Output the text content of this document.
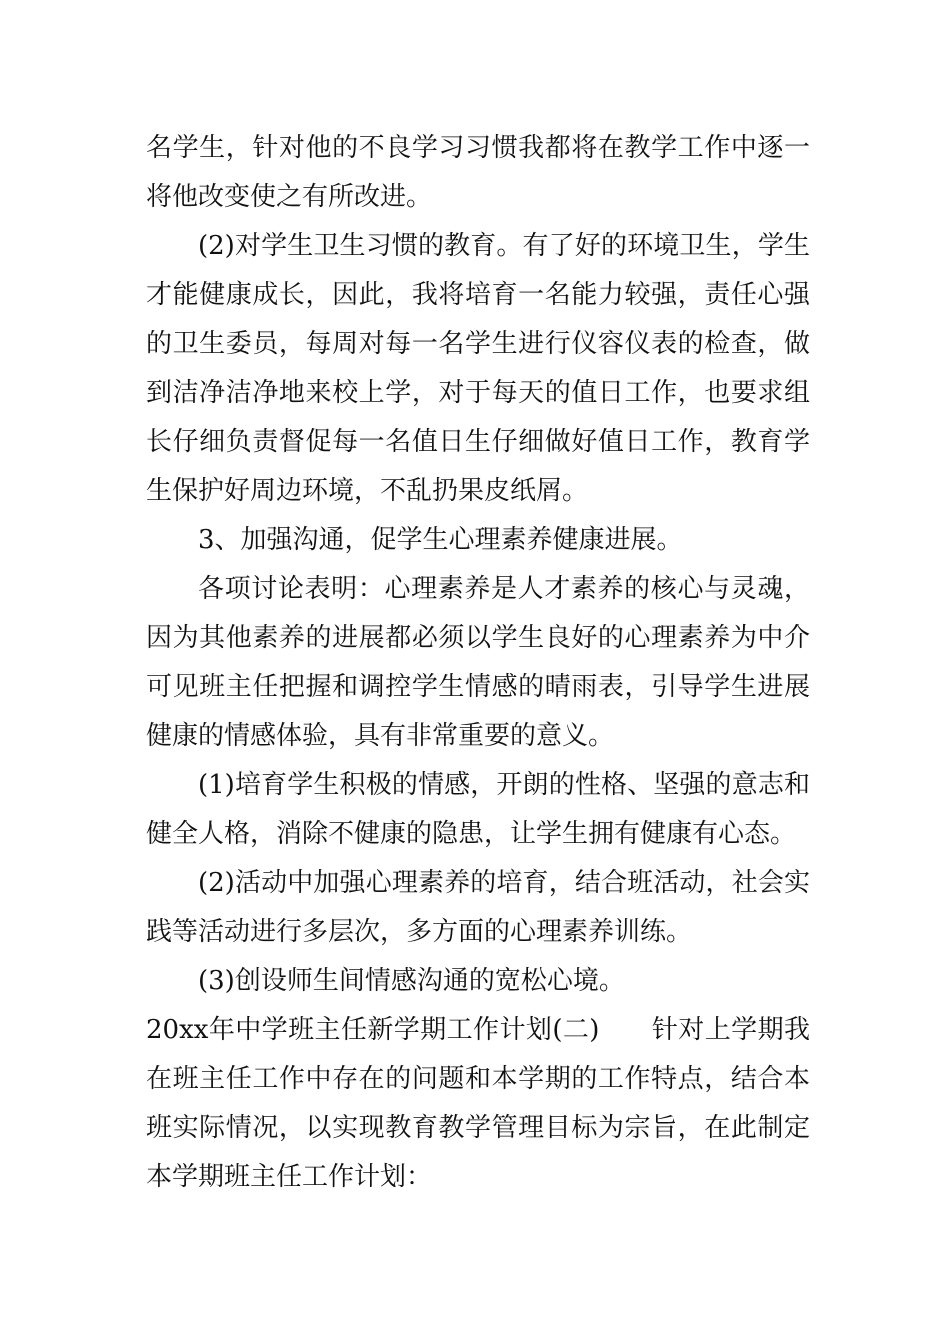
名学生，针对他的不良学习习惯我都将在教学工作中逐一将他改变使之有所改进。

(2)对学生卫生习惯的教育。有了好的环境卫生，学生才能健康成长，因此，我将培育一名能力较强，责任心强的卫生委员，每周对每一名学生进行仪容仪表的检查，做到洁净洁净地来校上学，对于每天的值日工作，也要求组长仔细负责督促每一名值日生仔细做好值日工作，教育学生保护好周边环境，不乱扔果皮纸屑。

3、加强沟通，促学生心理素养健康进展。

各项讨论表明：心理素养是人才素养的核心与灵魂，因为其他素养的进展都必须以学生良好的心理素养为中介可见班主任把握和调控学生情感的晴雨表，引导学生进展健康的情感体验，具有非常重要的意义。

(1)培育学生积极的情感，开朗的性格、坚强的意志和健全人格，消除不健康的隐患，让学生拥有健康有心态。

(2)活动中加强心理素养的培育，结合班活动，社会实践等活动进行多层次，多方面的心理素养训练。

(3)创设师生间情感沟通的宽松心境。

20xx年中学班主任新学期工作计划(二) 针对上学期我在班主任工作中存在的问题和本学期的工作特点，结合本班实际情况，以实现教育教学管理目标为宗旨，在此制定本学期班主任工作计划：
